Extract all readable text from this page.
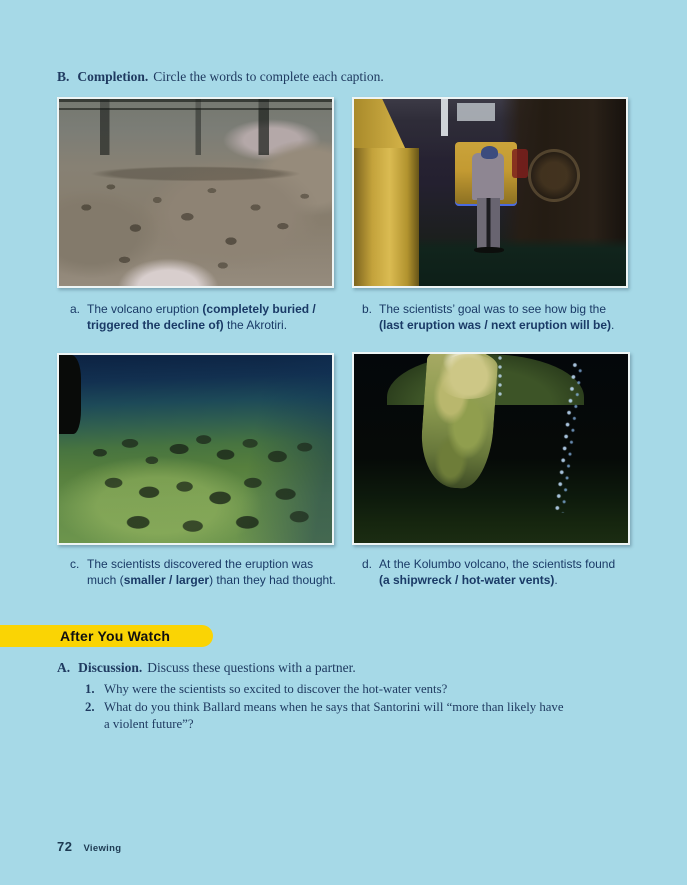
B. Completion. Circle the words to complete each caption.
a. The volcano eruption (completely buried /
triggered the decline of) the Akrotiri.
b. The scientists’ goal was to see how big the
(last eruption was / next eruption will be).
c. The scientists discovered the eruption was
much (smaller / larger) than they had thought.
d. At the Kolumbo volcano, the scientists found
(a shipwreck / hot-water vents).
After You Watch
A. Discussion. Discuss these questions with a partner.
1. Why were the scientists so excited to discover the hot-water vents?
2. What do you think Ballard means when he says that Santorini will “more than likely have a violent future”?
72 Viewing
